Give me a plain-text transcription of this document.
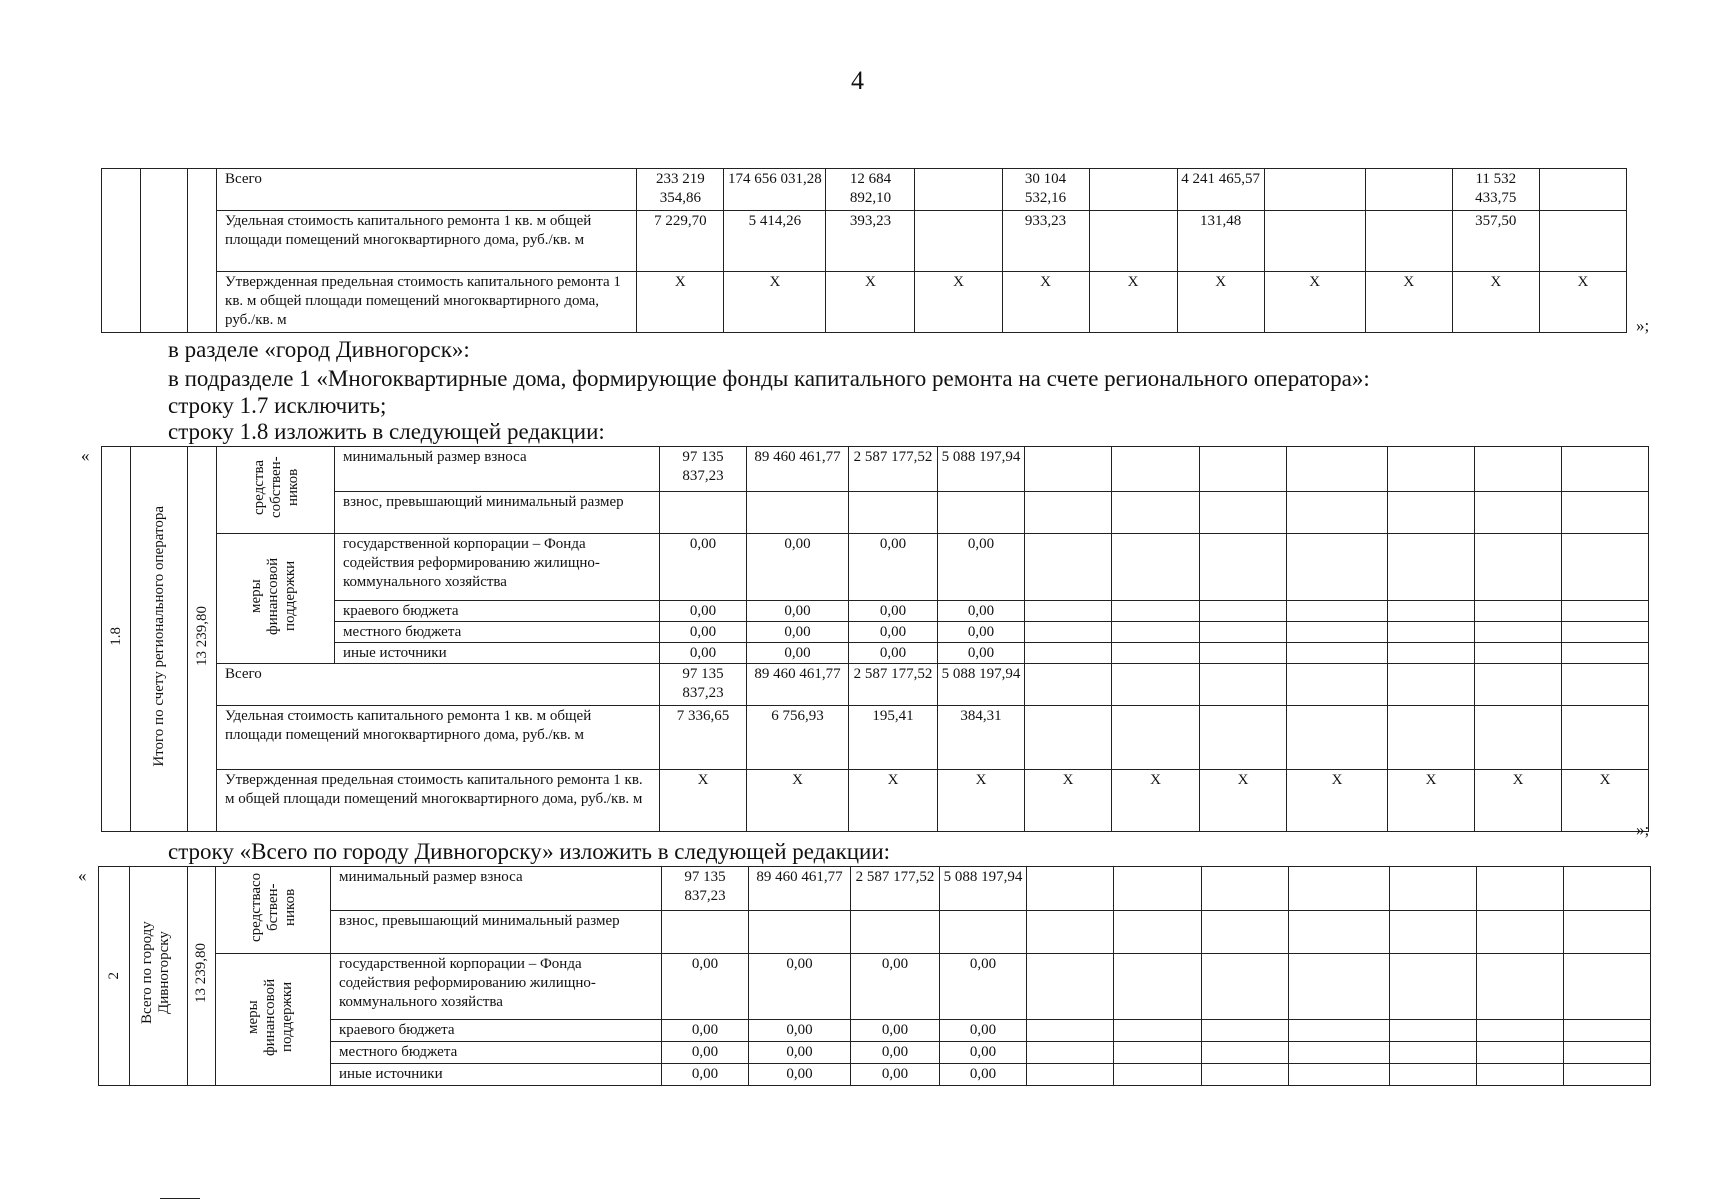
4
			Всего	233 219 354,86	174 656 031,28	12 684 892,10		30 104 532,16		4 241 465,57			11 532 433,75	
			Удельная стоимость капитального ремонта 1 кв. м общей площади помещений многоквартирного дома, руб./кв. м	7 229,70	5 414,26	393,23		933,23		131,48			357,50	
			Утвержденная предельная стоимость капитального ремонта 1 кв. м общей площади помещений многоквартирного дома, руб./кв. м	X	X	X	X	X	X	X	X	X	X	X
»;
в разделе «город Дивногорск»:
в подразделе 1 «Многоквартирные дома, формирующие фонды капитального ремонта на счете регионального оператора»:
строку 1.7 исключить;
строку 1.8 изложить в следующей редакции:
«
1.8	Итого по счету регионального оператора	13 239,80	средства собствен-ников	минимальный размер взноса	97 135 837,23	89 460 461,77	2 587 177,52	5 088 197,94							
				взнос, превышающий минимальный размер											
			меры финансовой поддержки	государственной корпорации – Фонда содействия реформированию жилищно-коммунального хозяйства	0,00	0,00	0,00	0,00							
				краевого бюджета	0,00	0,00	0,00	0,00							
				местного бюджета	0,00	0,00	0,00	0,00							
				иные источники	0,00	0,00	0,00	0,00							
			Всего		97 135 837,23	89 460 461,77	2 587 177,52	5 088 197,94							
			Удельная стоимость капитального ремонта 1 кв. м общей площади помещений многоквартирного дома, руб./кв. м		7 336,65	6 756,93	195,41	384,31							
			Утвержденная предельная стоимость капитального ремонта 1 кв. м общей площади помещений многоквартирного дома, руб./кв. м		X	X	X	X	X	X	X	X	X	X	X
»;
строку «Всего по городу Дивногорску» изложить в следующей редакции:
«
2	Всего по городу Дивногорску	13 239,80	средствасо бствен-ников	минимальный размер взноса	97 135 837,23	89 460 461,77	2 587 177,52	5 088 197,94							
				взнос, превышающий минимальный размер											
			меры финансовой поддержки	государственной корпорации – Фонда содействия реформированию жилищно-коммунального хозяйства	0,00	0,00	0,00	0,00							
				краевого бюджета	0,00	0,00	0,00	0,00							
				местного бюджета	0,00	0,00	0,00	0,00							
				иные источники	0,00	0,00	0,00	0,00							
